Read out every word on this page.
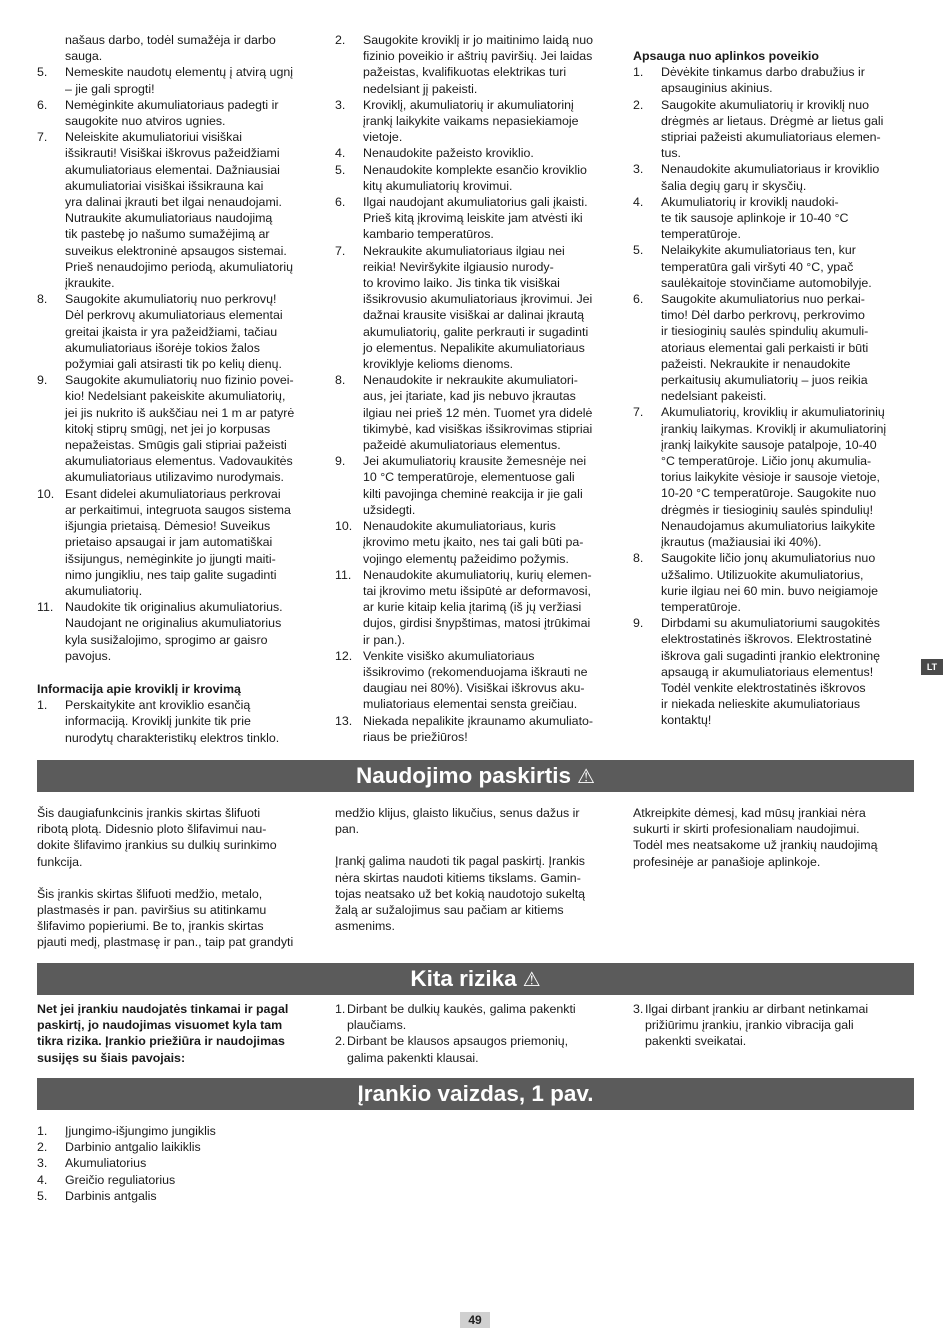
našaus darbo, todėl sumažėja ir darbo
sauga.
5. Nemeskite naudotų elementų į atvirą ugnį
– jie gali sprogti!
6. Nemėginkite akumuliatoriaus padegti ir
saugokite nuo atviros ugnies.
7. Neleiskite akumuliatoriui visiškai
išsikrauti! Visiškai iškrovus pažeidžiami
akumuliatoriaus elementai. Dažniausiai
akumuliatoriai visiškai išsikrauna kai
yra dalinai įkrauti bet ilgai nenaudojami.
Nutraukite akumuliatoriaus naudojimą
tik pastebę jo našumo sumažėjimą ar
suveikus elektroninė apsaugos sistemai.
Prieš nenaudojimo periodą, akumuliatorių
įkraukite.
8. Saugokite akumuliatorių nuo perkrovų!
Dėl perkrovų akumuliatoriaus elementai
greitai įkaista ir yra pažeidžiami, tačiau
akumuliatoriaus išorėje tokios žalos
požymiai gali atsirasti tik po kelių dienų.
9. Saugokite akumuliatorių nuo fizinio povei-
kio! Nedelsiant pakeiskite akumuliatorių,
jei jis nukrito iš aukščiau nei 1 m ar patyrė
kitokį stiprų smūgį, net jei jo korpusas
nepažeistas. Smūgis gali stipriai pažeisti
akumuliatoriaus elementus. Vadovaukitės
akumuliatoriaus utilizavimo nurodymais.
10. Esant didelei akumuliatoriaus perkrovai
ar perkaitimui, integruota saugos sistema
išjungia prietaisą. Dėmesio! Suveikus
prietaiso apsaugai ir jam automatiškai
išsijungus, nemėginkite jo įjungti maiti-
nimo jungikliu, nes taip galite sugadinti
akumuliatorių.
11. Naudokite tik originalius akumuliatorius.
Naudojant ne originalius akumuliatorius
kyla susižalojimo, sprogimo ar gaisro
pavojus.

Informacija apie kroviklį ir krovimą

1. Perskaitykite ant kroviklio esančią
informaciją. Kroviklį junkite tik prie
nurodytų charakteristikų elektros tinklo.
2. Saugokite kroviklį ir jo maitinimo laidą nuo
fizinio poveikio ir aštrių paviršių. Jei laidas
pažeistas, kvalifikuotas elektrikas turi
nedelsiant jį pakeisti.
3. Kroviklį, akumuliatorių ir akumuliatorinį
įrankį laikykite vaikams nepasiekiamoje
vietoje.
4. Nenaudokite pažeisto kroviklio.
5. Nenaudokite komplekte esančio kroviklio
kitų akumuliatorių krovimui.
6. Ilgai naudojant akumuliatorius gali įkaisti.
Prieš kitą įkrovimą leiskite jam atvėsti iki
kambario temperatūros.
7. Nekraukite akumuliatoriaus ilgiau nei
reikia! Neviršykite ilgiausio nurody-
to krovimo laiko. Jis tinka tik visiškai
išsikrovusio akumuliatoriaus įkrovimui. Jei
dažnai krausite visiškai ar dalinai įkrautą
akumuliatorių, galite perkrauti ir sugadinti
jo elementus. Nepalikite akumuliatoriaus
kroviklyje kelioms dienoms.
8. Nenaudokite ir nekraukite akumuliatori-
aus, jei įtariate, kad jis nebuvo įkrautas
ilgiau nei prieš 12 mėn. Tuomet yra didelė
tikimybė, kad visiškas išsikrovimas stipriai
pažeidė akumuliatoriaus elementus.
9. Jei akumuliatorių krausite žemesnėje nei
10 °C temperatūroje, elementuose gali
kilti pavojinga cheminė reakcija ir jie gali
užsidegti.
10. Nenaudokite akumuliatoriaus, kuris
įkrovimo metu įkaito, nes tai gali būti pa-
vojingo elementų pažeidimo požymis.
11. Nenaudokite akumuliatorių, kurių elemen-
tai įkrovimo metu išsipūtė ar deformavosi,
ar kurie kitaip kelia įtarimą (iš jų veržiasi
dujos, girdisi šnypštimas, matosi įtrūkimai
ir pan.).
12. Venkite visiško akumuliatoriaus
išsikrovimo (rekomenduojama iškrauti ne
daugiau nei 80%). Visiškai iškrovus aku-
muliatoriaus elementai sensta greičiau.
13. Niekada nepalikite įkraunamo akumuliato-
riaus be priežiūros!

Apsauga nuo aplinkos poveikio

1. Dėvėkite tinkamus darbo drabužius ir
apsauginius akinius.
2. Saugokite akumuliatorių ir kroviklį nuo
drėgmės ar lietaus. Drėgmė ar lietus gali
stipriai pažeisti akumuliatoriaus elemen-
tus.
3. Nenaudokite akumuliatoriaus ir kroviklio
šalia degių garų ir skysčių.
4. Akumuliatorių ir kroviklį naudoki-
te tik sausoje aplinkoje ir 10-40 °C
temperatūroje.
5. Nelaikykite akumuliatoriaus ten, kur
temperatūra gali viršyti 40 °C, ypač
saulėkaitoje stovinčiame automobilyje.
6. Saugokite akumuliatorius nuo perkai-
timo! Dėl darbo perkrovų, perkrovimo
ir tiesioginių saulės spindulių akumuli-
atoriaus elementai gali perkaisti ir būti
pažeisti. Nekraukite ir nenaudokite
perkaitusių akumuliatorių – juos reikia
nedelsiant pakeisti.
7. Akumuliatorių, kroviklių ir akumuliatorinių
įrankių laikymas. Kroviklį ir akumuliatorinį
įrankį laikykite sausoje patalpoje, 10-40
°C temperatūroje. Ličio jonų akumulia-
torius laikykite vėsioje ir sausoje vietoje,
10-20 °C temperatūroje. Saugokite nuo
drėgmės ir tiesioginių saulės spindulių!
Nenaudojamus akumuliatorius laikykite
įkrautus (mažiausiai iki 40%).
8. Saugokite ličio jonų akumuliatorius nuo
užšalimo. Utilizuokite akumuliatorius,
kurie ilgiau nei 60 min. buvo neigiamoje
temperatūroje.
9. Dirbdami su akumuliatoriumi saugokitės
elektrostatinės iškrovos. Elektrostatinė
iškrova gali sugadinti įrankio elektroninę
apsaugą ir akumuliatoriaus elementus!
Todėl venkite elektrostatinės iškrovos
ir niekada nelieskite akumuliatoriaus
kontaktų!
LT
Naudojimo paskirtis ⚠

Šis daugiafunkcinis įrankis skirtas šlifuoti
ribotą plotą. Didesnio ploto šlifavimui nau-
dokite šlifavimo įrankius su dulkių surinkimo
funkcija.

Šis įrankis skirtas šlifuoti medžio, metalo,
plastmasės ir pan. paviršius su atitinkamu
šlifavimo popieriumi. Be to, įrankis skirtas
pjauti medį, plastmasę ir pan., taip pat grandyti

medžio klijus, glaisto likučius, senus dažus ir
pan.

Įrankį galima naudoti tik pagal paskirtį. Įrankis
nėra skirtas naudoti kitiems tikslams. Gamin-
tojas neatsako už bet kokią naudotojo sukeltą
žalą ar sužalojimus sau pačiam ar kitiems
asmenims.

Atkreipkite dėmesį, kad mūsų įrankiai nėra
sukurti ir skirti profesionaliam naudojimui.
Todėl mes neatsakome už įrankių naudojimą
profesinėje ar panašioje aplinkoje.

Kita rizika ⚠
Net jei įrankiu naudojatės tinkamai ir pagal
paskirtį, jo naudojimas visuomet kyla tam
tikra rizika. Įrankio priežiūra ir naudojimas
susijęs su šiais pavojais:
1. Dirbant be dulkių kaukės, galima pakenkti
plaučiams.
2. Dirbant be klausos apsaugos priemonių,
galima pakenkti klausai.
3. Ilgai dirbant įrankiu ar dirbant netinkamai
prižiūrimu įrankiu, įrankio vibracija gali
pakenkti sveikatai.
Įrankio vaizdas, 1 pav.
1. Įjungimo-išjungimo jungiklis
2. Darbinio antgalio laikiklis
3. Akumuliatorius
4. Greičio reguliatorius
5. Darbinis antgalis
49
